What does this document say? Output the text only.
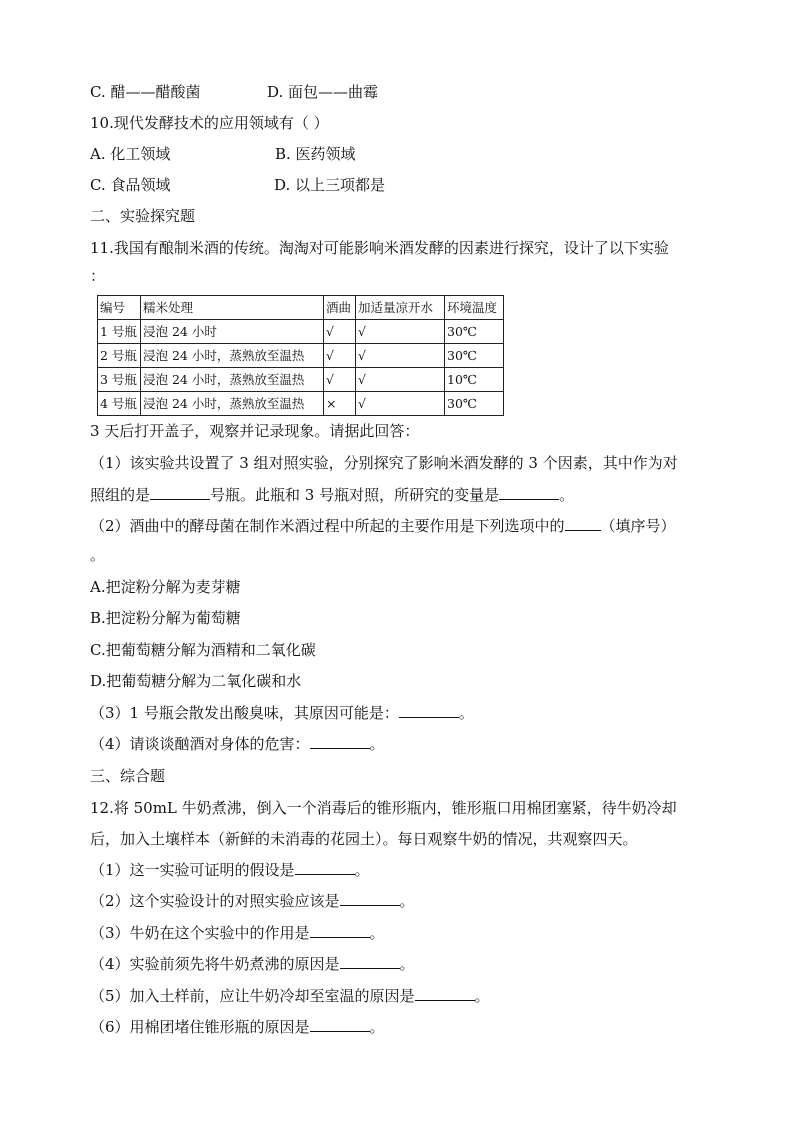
C. 醋——醋酸菌	D. 面包——曲霉
10.现代发酵技术的应用领域有（ ）
A. 化工领域	B. 医药领域
C. 食品领域	D. 以上三项都是
二、实验探究题
11.我国有酿制米酒的传统。淘淘对可能影响米酒发酵的因素进行探究，设计了以下实验
：
编号	糯米处理	酒曲	加适量凉开水	环境温度
1 号瓶	浸泡 24 小时	√	√	30℃
2 号瓶	浸泡 24 小时，蒸熟放至温热	√	√	30℃
3 号瓶	浸泡 24 小时，蒸熟放至温热	√	√	10℃
4 号瓶	浸泡 24 小时，蒸熟放至温热	×	√	30℃
3 天后打开盖子，观察并记录现象。请据此回答：
（1）该实验共设置了 3 组对照实验，分别探究了影响米酒发酵的 3 个因素，其中作为对
照组的是	号瓶。此瓶和 3 号瓶对照，所研究的变量是	。
（2）酒曲中的酵母菌在制作米酒过程中所起的主要作用是下列选项中的 （填序号）
。
A.把淀粉分解为麦芽糖
B.把淀粉分解为葡萄糖
C.把葡萄糖分解为酒精和二氧化碳
D.把葡萄糖分解为二氧化碳和水
（3）1 号瓶会散发出酸臭味，其原因可能是：	。
（4）请谈谈酗酒对身体的危害：	。
三、综合题
12.将 50mL 牛奶煮沸，倒入一个消毒后的锥形瓶内，锥形瓶口用棉团塞紧，待牛奶冷却
后，加入土壤样本（新鲜的未消毒的花园土）。每日观察牛奶的情况，共观察四天。
（1）这一实验可证明的假设是	。
（2）这个实验设计的对照实验应该是	。
（3）牛奶在这个实验中的作用是	。
（4）实验前须先将牛奶煮沸的原因是	。
（5）加入土样前，应让牛奶冷却至室温的原因是	。
（6）用棉团堵住锥形瓶的原因是	。
